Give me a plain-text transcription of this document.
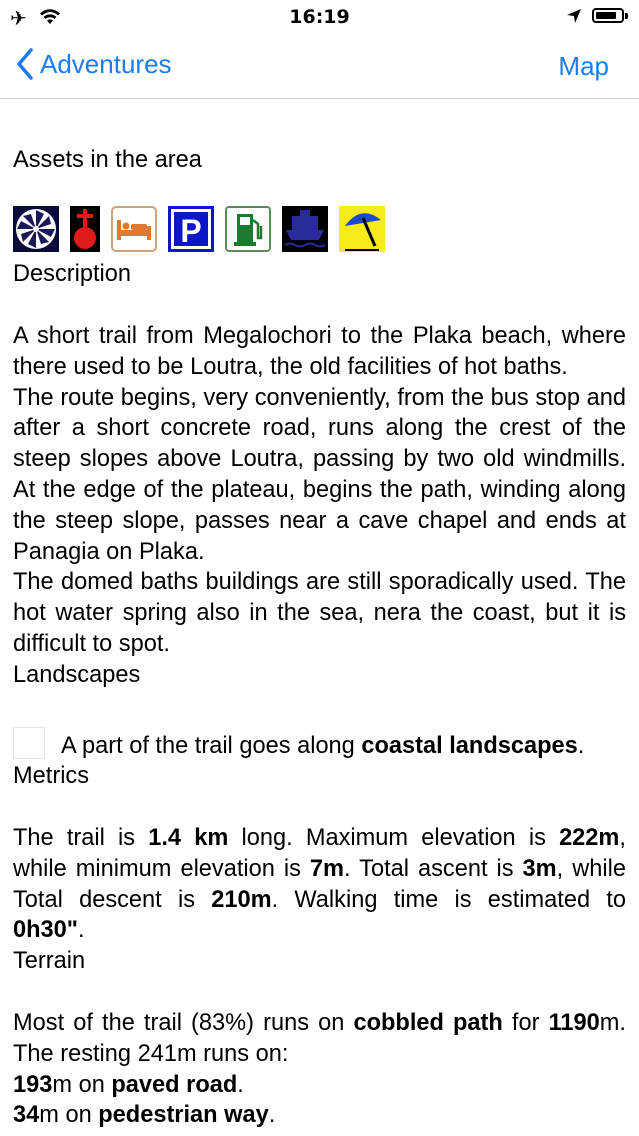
✈	16:19
Adventures	Map
Assets in the area
P
Description

A short trail from Megalochori to the Plaka beach, where there used to be Loutra, the old facilities of hot baths.

The route begins, very conveniently, from the bus stop and after a short concrete road, runs along the crest of the steep slopes above Loutra, passing by two old windmills. At the edge of the plateau, begins the path, winding along the steep slope, passes near a cave chapel and ends at Panagia on Plaka.

The domed baths buildings are still sporadically used. The hot water spring also in the sea, nera the coast, but it is difficult to spot.

Landscapes
A part of the trail goes along coastal landscapes.
Metrics

The trail is 1.4 km long. Maximum elevation is 222m, while minimum elevation is 7m. Total ascent is 3m, while Total descent is 210m. Walking time is estimated to 0h30".

Terrain

Most of the trail (83%) runs on cobbled path for 1190m. The resting 241m runs on:

193m on paved road.

34m on pedestrian way.
